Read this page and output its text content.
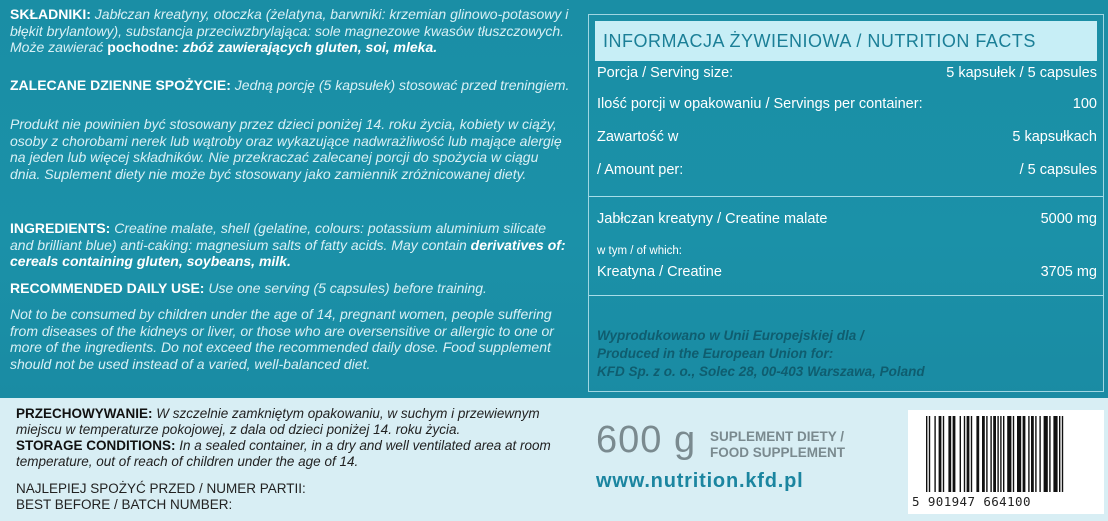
SKŁADNIKI: Jabłczan kreatyny, otoczka (żelatyna, barwniki: krzemian glinowo-potasowy i błękit brylantowy), substancja przeciwzbrylająca: sole magnezowe kwasów tłuszczowych. Może zawierać pochodne: zbóż zawierających gluten, soi, mleka.

ZALECANE DZIENNE SPOŻYCIE: Jedną porcję (5 kapsułek) stosować przed treningiem.

Produkt nie powinien być stosowany przez dzieci poniżej 14. roku życia, kobiety w ciąży, osoby z chorobami nerek lub wątroby oraz wykazujące nadwrażliwość lub mające alergię na jeden lub więcej składników. Nie przekraczać zalecanej porcji do spożycia w ciągu dnia. Suplement diety nie może być stosowany jako zamiennik zróżnicowanej diety.

INGREDIENTS: Creatine malate, shell (gelatine, colours: potassium aluminium silicate and brilliant blue) anti-caking: magnesium salts of fatty acids. May contain derivatives of: cereals containing gluten, soybeans, milk.

RECOMMENDED DAILY USE: Use one serving (5 capsules) before training.

Not to be consumed by children under the age of 14, pregnant women, people suffering from diseases of the kidneys or liver, or those who are oversensitive or allergic to one or more of the ingredients. Do not exceed the recommended daily dose. Food supplement should not be used instead of a varied, well-balanced diet.

INFORMACJA ŻYWIENIOWA / NUTRITION FACTS
Porcja / Serving size:	5 kapsułek / 5 capsules
Ilość porcji w opakowaniu / Servings per container:	100
Zawartość w	5 kapsułkach
/ Amount per:	/ 5 capsules
Jabłczan kreatyny / Creatine malate	5000 mg
w tym / of which:
Kreatyna / Creatine	3705 mg
Wyprodukowano w Unii Europejskiej dla /
Produced in the European Union for:
KFD Sp. z o. o., Solec 28, 00-403 Warszawa, Poland

PRZECHOWYWANIE: W szczelnie zamkniętym opakowaniu, w suchym i przewiewnym miejscu w temperaturze pokojowej, z dala od dzieci poniżej 14. roku życia.

STORAGE CONDITIONS: In a sealed container, in a dry and well ventilated area at room temperature, out of reach of children under the age of 14.

NAJLEPIEJ SPOŻYĆ PRZED / NUMER PARTII:

BEST BEFORE / BATCH NUMBER:

600 g SUPLEMENT DIETY /
FOOD SUPPLEMENT
www.nutrition.kfd.pl
5 901947 664100
